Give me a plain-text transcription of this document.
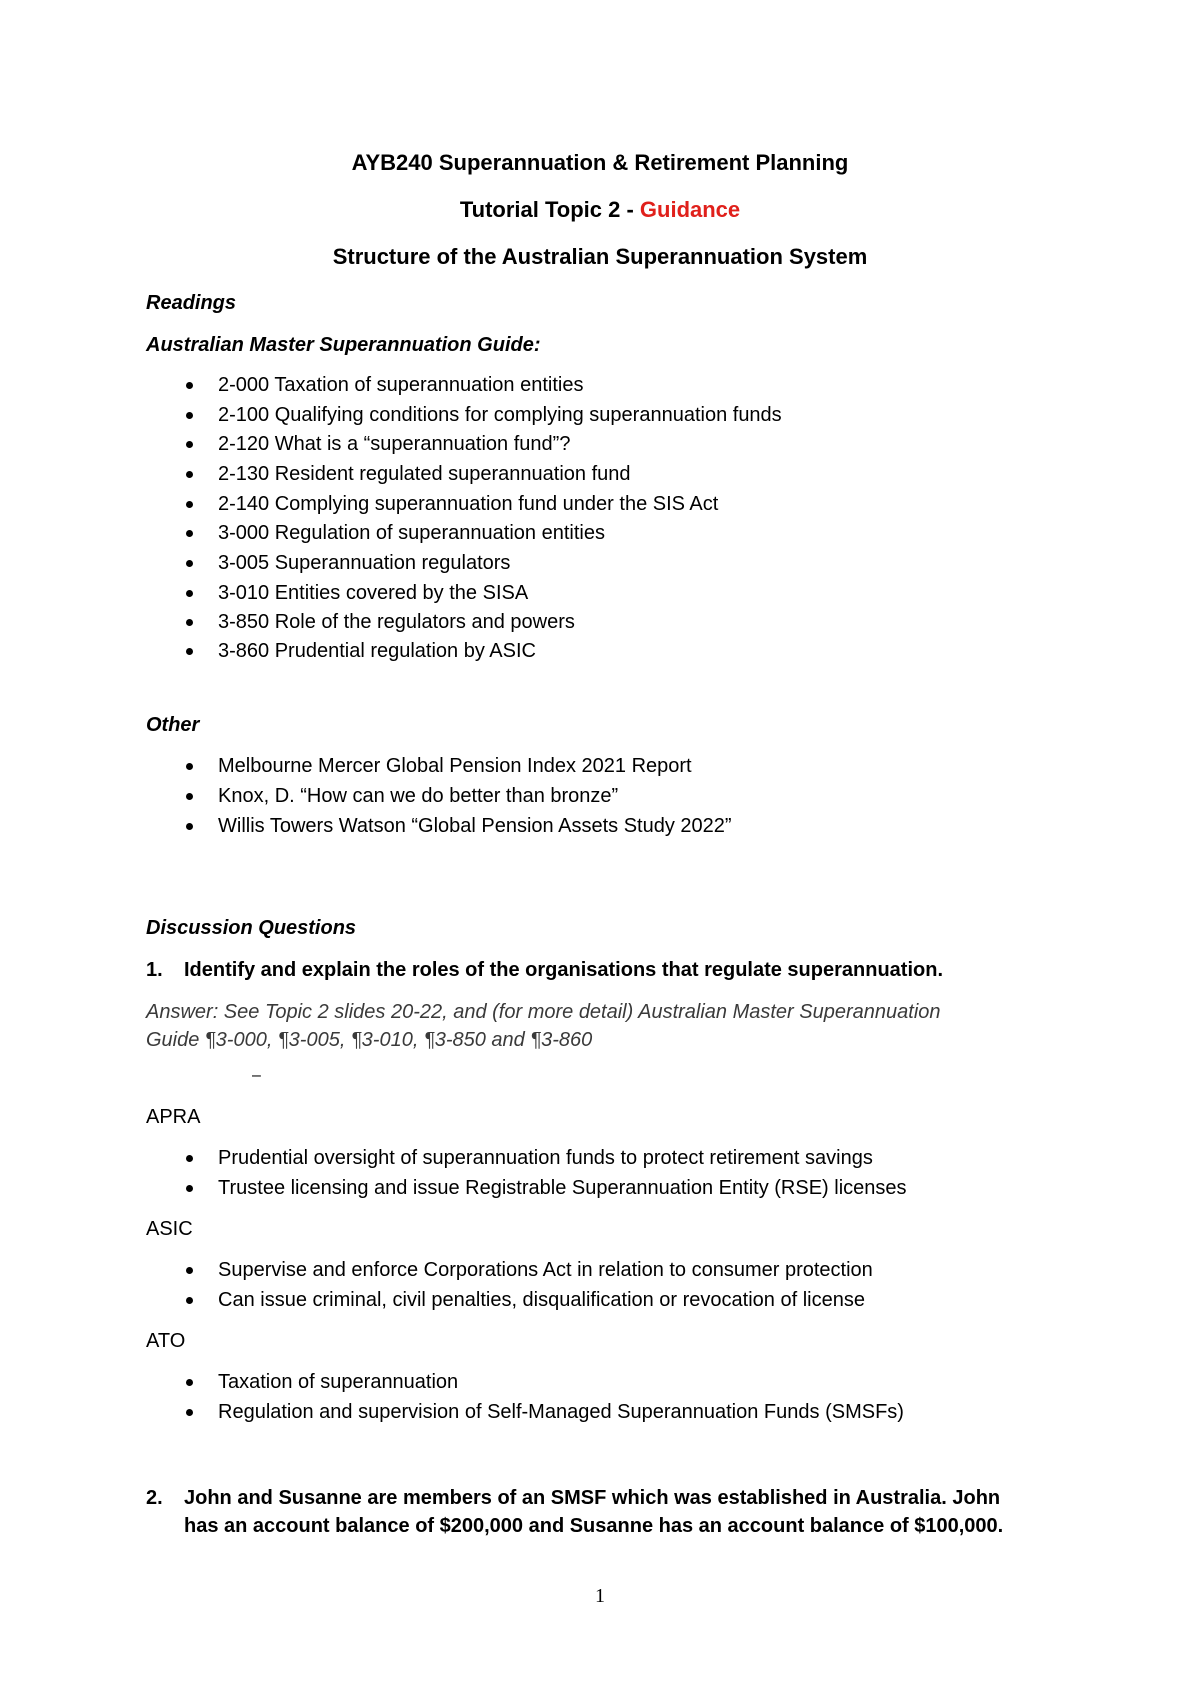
AYB240 Superannuation & Retirement Planning
Tutorial Topic 2 - Guidance
Structure of the Australian Superannuation System
Readings
Australian Master Superannuation Guide:
2-000 Taxation of superannuation entities
2-100 Qualifying conditions for complying superannuation funds
2-120 What is a “superannuation fund”?
2-130 Resident regulated superannuation fund
2-140 Complying superannuation fund under the SIS Act
3-000 Regulation of superannuation entities
3-005 Superannuation regulators
3-010 Entities covered by the SISA
3-850 Role of the regulators and powers
3-860 Prudential regulation by ASIC
Other
Melbourne Mercer Global Pension Index 2021 Report
Knox, D. “How can we do better than bronze”
Willis Towers Watson “Global Pension Assets Study 2022”
Discussion Questions
1. Identify and explain the roles of the organisations that regulate superannuation.
Answer: See Topic 2 slides 20-22, and (for more detail) Australian Master Superannuation
Guide ¶3-000, ¶3-005, ¶3-010, ¶3-850 and ¶3-860
–
APRA
Prudential oversight of superannuation funds to protect retirement savings
Trustee licensing and issue Registrable Superannuation Entity (RSE) licenses
ASIC
Supervise and enforce Corporations Act in relation to consumer protection
Can issue criminal, civil penalties, disqualification or revocation of license
ATO
Taxation of superannuation
Regulation and supervision of Self-Managed Superannuation Funds (SMSFs)
2. John and Susanne are members of an SMSF which was established in Australia. John
has an account balance of $200,000 and Susanne has an account balance of $100,000.
1
